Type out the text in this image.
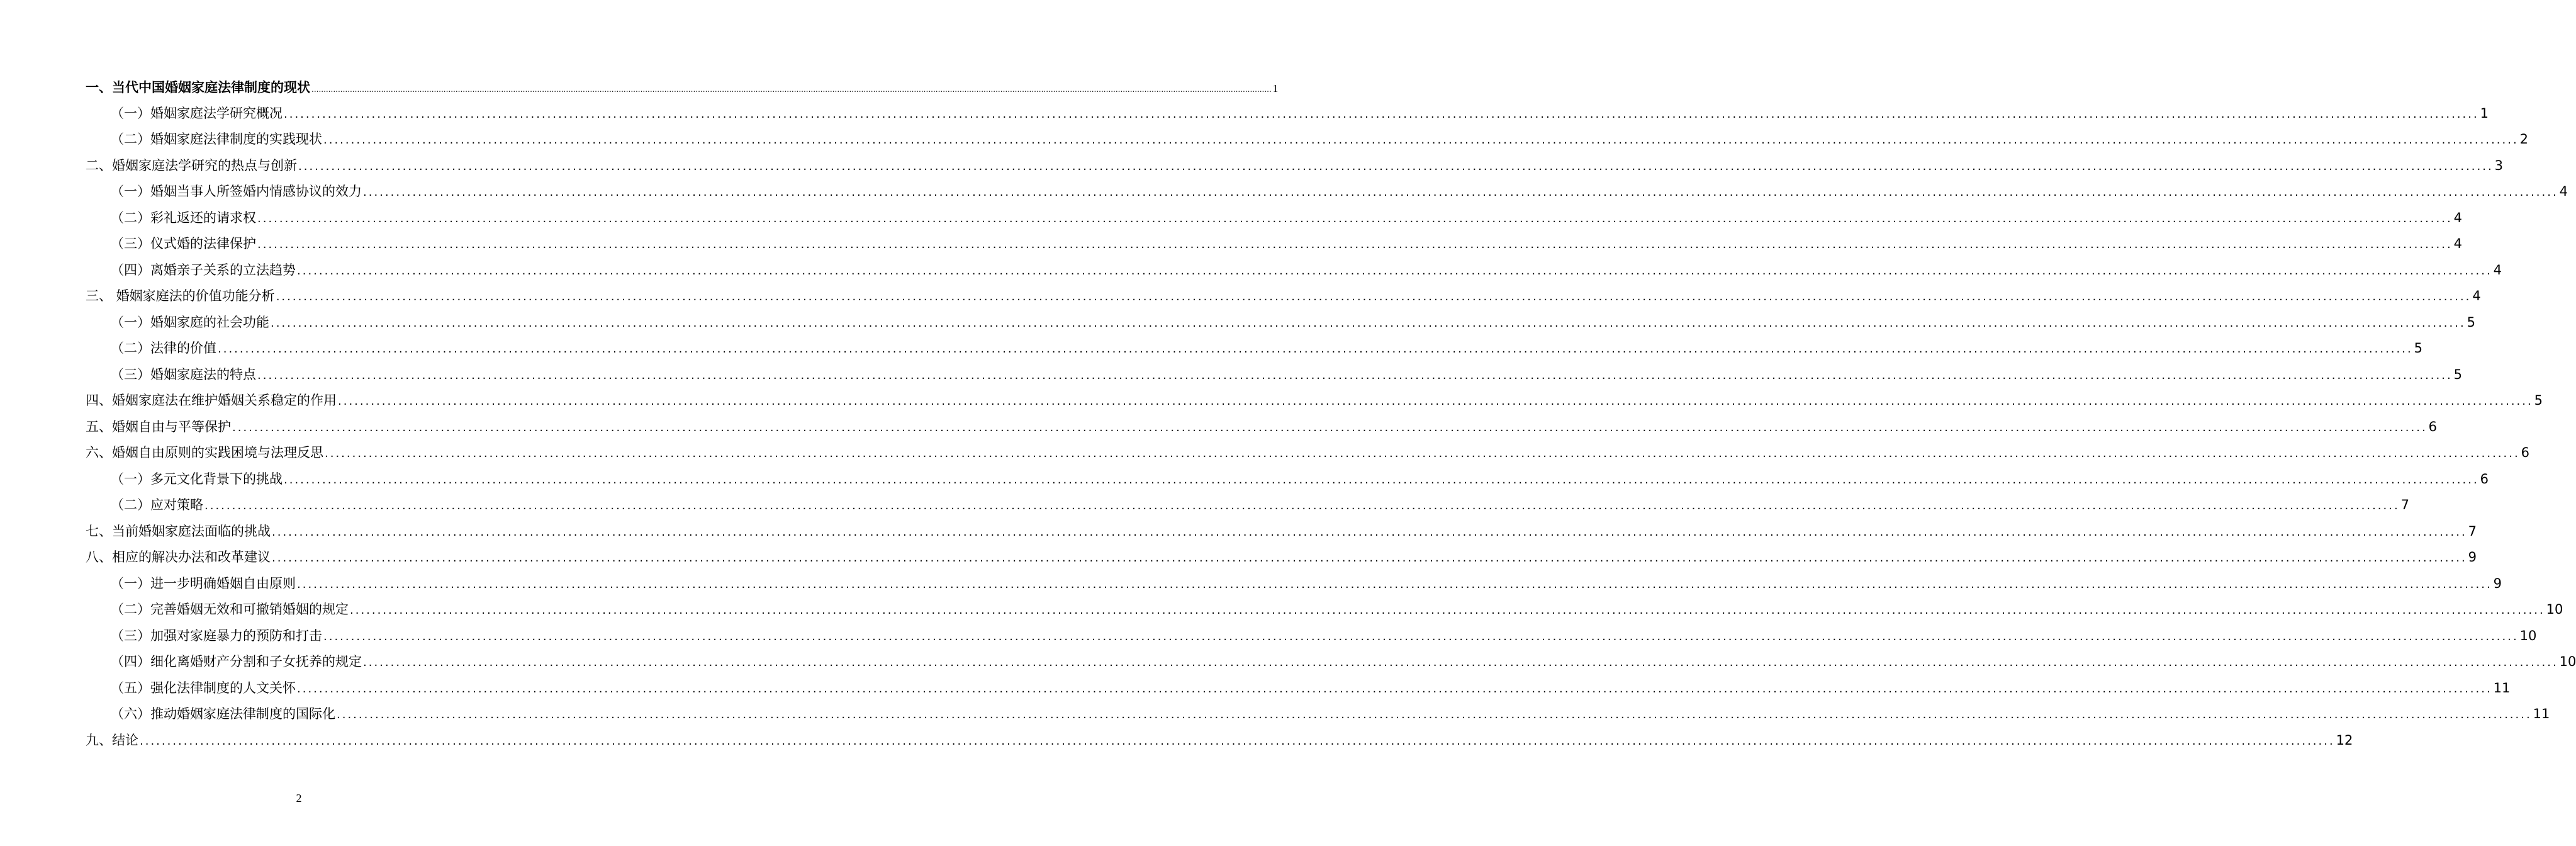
一、当代中国婚姻家庭法律制度的现状 ................................................................................................................................................................................................................................................................................................................................................................................................................ 1
（一）婚姻家庭法学研究概况 ................................................................................................................................................................................................................................................................................................................................................................................................................ 1
（二）婚姻家庭法律制度的实践现状 ................................................................................................................................................................................................................................................................................................................................................................................................................ 2
二、婚姻家庭法学研究的热点与创新 ................................................................................................................................................................................................................................................................................................................................................................................................................ 3
（一）婚姻当事人所签婚内情感协议的效力 ................................................................................................................................................................................................................................................................................................................................................................................................................ 4
（二）彩礼返还的请求权 ................................................................................................................................................................................................................................................................................................................................................................................................................ 4
（三）仪式婚的法律保护 ................................................................................................................................................................................................................................................................................................................................................................................................................ 4
（四）离婚亲子关系的立法趋势 ................................................................................................................................................................................................................................................................................................................................................................................................................ 4
三、 婚姻家庭法的价值功能分析 ................................................................................................................................................................................................................................................................................................................................................................................................................ 4
（一）婚姻家庭的社会功能 ................................................................................................................................................................................................................................................................................................................................................................................................................ 5
（二）法律的价值 ................................................................................................................................................................................................................................................................................................................................................................................................................ 5
（三）婚姻家庭法的特点 ................................................................................................................................................................................................................................................................................................................................................................................................................ 5
四、婚姻家庭法在维护婚姻关系稳定的作用 ................................................................................................................................................................................................................................................................................................................................................................................................................ 5
五、婚姻自由与平等保护 ................................................................................................................................................................................................................................................................................................................................................................................................................ 6
六、婚姻自由原则的实践困境与法理反思 ................................................................................................................................................................................................................................................................................................................................................................................................................ 6
（一）多元文化背景下的挑战 ................................................................................................................................................................................................................................................................................................................................................................................................................ 6
（二）应对策略 ................................................................................................................................................................................................................................................................................................................................................................................................................ 7
七、当前婚姻家庭法面临的挑战 ................................................................................................................................................................................................................................................................................................................................................................................................................ 7
八、相应的解决办法和改革建议 ................................................................................................................................................................................................................................................................................................................................................................................................................ 9
（一）进一步明确婚姻自由原则 ................................................................................................................................................................................................................................................................................................................................................................................................................ 9
（二）完善婚姻无效和可撤销婚姻的规定 ................................................................................................................................................................................................................................................................................................................................................................................................................ 10
（三）加强对家庭暴力的预防和打击 ................................................................................................................................................................................................................................................................................................................................................................................................................ 10
（四）细化离婚财产分割和子女抚养的规定 ................................................................................................................................................................................................................................................................................................................................................................................................................ 10
（五）强化法律制度的人文关怀 ................................................................................................................................................................................................................................................................................................................................................................................................................ 11
（六）推动婚姻家庭法律制度的国际化 ................................................................................................................................................................................................................................................................................................................................................................................................................ 11
九、结论 ................................................................................................................................................................................................................................................................................................................................................................................................................ 12
2
